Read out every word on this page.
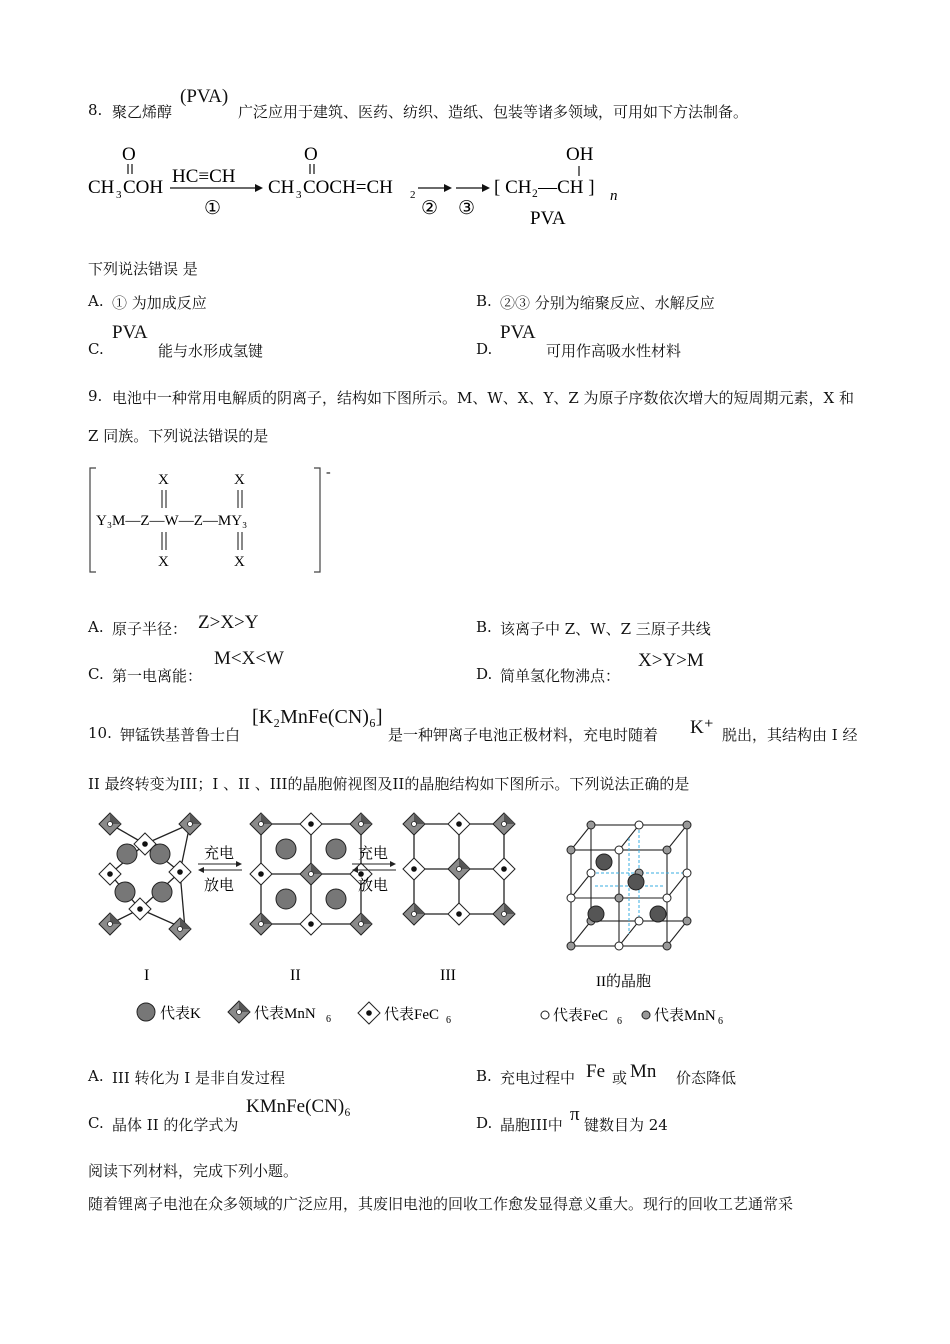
8. 聚乙烯醇
(PVA)
广泛应用于建筑、医药、纺织、造纸、包装等诸多领域，可用如下方法制备。
O
CH 3 COH
HC≡CH
①
O
CH 3 COCH=CH 2
② ③
OH
[ CH₂—CH ] n
PVA
下列说法错误 是
A. ① 为加成反应	B. ②③ 分别为缩聚反应、水解反应
C.
PVA
能与水形成氢键	D.
PVA
可用作高吸水性材料
9. 电池中一种常用电解质的阴离子，结构如下图所示。M、W、X、Y、Z 为原子序数依次增大的短周期元素，X 和
Z 同族。下列说法错误的是
-
X	X
Y₃M—Z—W—Z—MY₃
X	X
A. 原子半径： Z>X>Y	B. 该离子中 Z、W、Z 三原子共线
C. 第一电离能：
M<X<W
D. 简单氢化物沸点：
X>Y>M
10. 钾锰铁基普鲁士白
[K₂MnFe(CN)₆]
是一种钾离子电池正极材料，充电时随着 K⁺ 脱出，其结构由 I 经
II 最终转变为III；I 、II 、III的晶胞俯视图及II的晶胞结构如下图所示。下列说法正确的是
充电
放电
充电
放电
I	II	III	II的晶胞
代表K	代表MnN 6	代表FeC 6	代表FeC 6 代表MnN 6
A. III 转化为 I 是非自发过程	B. 充电过程中 Fe 或 Mn 价态降低
C. 晶体 II 的化学式为
KMnFe(CN)₆
D. 晶胞III中 π 键数目为 24
阅读下列材料，完成下列小题。
随着锂离子电池在众多领域的广泛应用，其废旧电池的回收工作愈发显得意义重大。现行的回收工艺通常采
